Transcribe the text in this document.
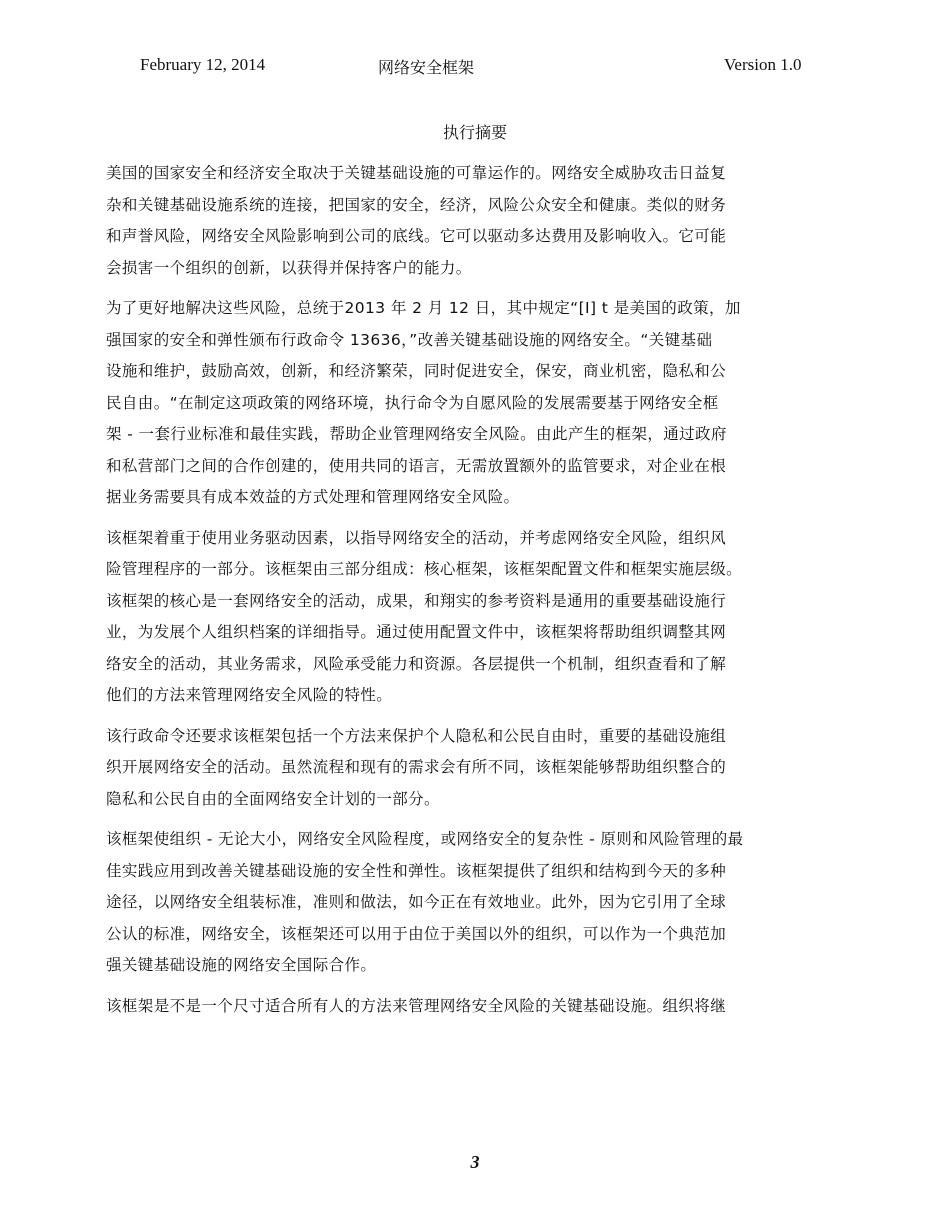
February 12, 2014	网络安全框架	Version 1.0
执行摘要

美国的国家安全和经济安全取决于关键基础设施的可靠运作的。网络安全威胁攻击日益复
杂和关键基础设施系统的连接，把国家的安全，经济，风险公众安全和健康。类似的财务
和声誉风险，网络安全风险影响到公司的底线。它可以驱动多达费用及影响收入。它可能
会损害一个组织的创新，以获得并保持客户的能力。

为了更好地解决这些风险，总统于2013 年 2 月 12 日，其中规定“[I] t 是美国的政策，加
强国家的安全和弹性颁布行政命令 13636，”改善关键基础设施的网络安全。“关键基础
设施和维护，鼓励高效，创新，和经济繁荣，同时促进安全，保安，商业机密，隐私和公
民自由。“在制定这项政策的网络环境，执行命令为自愿风险的发展需要基于网络安全框
架 - 一套行业标准和最佳实践，帮助企业管理网络安全风险。由此产生的框架，通过政府
和私营部门之间的合作创建的，使用共同的语言，无需放置额外的监管要求，对企业在根
据业务需要具有成本效益的方式处理和管理网络安全风险。

该框架着重于使用业务驱动因素，以指导网络安全的活动，并考虑网络安全风险，组织风
险管理程序的一部分。该框架由三部分组成：核心框架，该框架配置文件和框架实施层级。
该框架的核心是一套网络安全的活动，成果，和翔实的参考资料是通用的重要基础设施行
业，为发展个人组织档案的详细指导。通过使用配置文件中，该框架将帮助组织调整其网
络安全的活动，其业务需求，风险承受能力和资源。各层提供一个机制，组织查看和了解
他们的方法来管理网络安全风险的特性。

该行政命令还要求该框架包括一个方法来保护个人隐私和公民自由时，重要的基础设施组
织开展网络安全的活动。虽然流程和现有的需求会有所不同，该框架能够帮助组织整合的
隐私和公民自由的全面网络安全计划的一部分。

该框架使组织 - 无论大小，网络安全风险程度，或网络安全的复杂性 - 原则和风险管理的最
佳实践应用到改善关键基础设施的安全性和弹性。该框架提供了组织和结构到今天的多种
途径，以网络安全组装标准，准则和做法，如今正在有效地业。此外，因为它引用了全球
公认的标准，网络安全，该框架还可以用于由位于美国以外的组织，可以作为一个典范加
强关键基础设施的网络安全国际合作。

该框架是不是一个尺寸适合所有人的方法来管理网络安全风险的关键基础设施。组织将继

3
